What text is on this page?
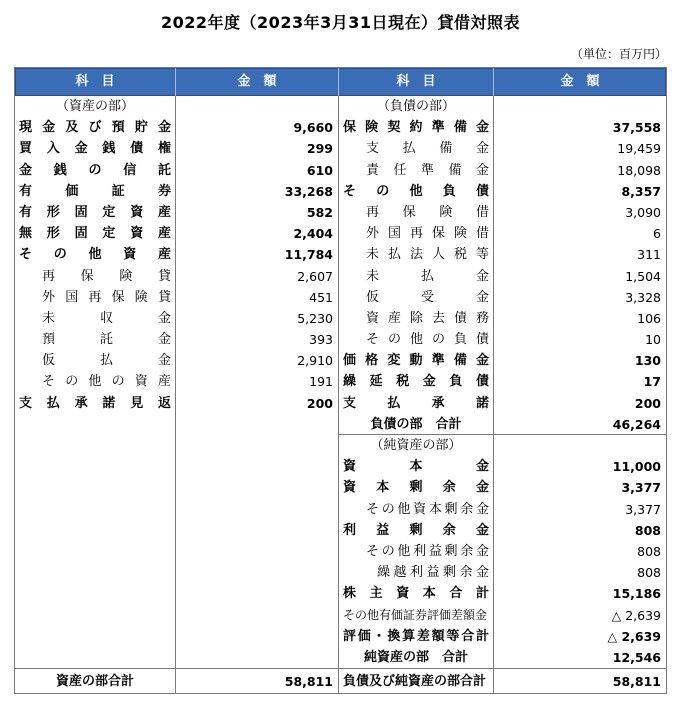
2022年度（2023年3月31日現在）貸借対照表
（単位：百万円）
科　目	金　額	科　目	金　額
（資産の部）
現金及び預貯金	9,660
買入金銭債権	299
金銭の信託	610
有価証券	33,268
有形固定資産	582
無形固定資産	2,404
その他資産	11,784
再保険貸	2,607
外国再保険貸	451
未収金	5,230
預託金	393
仮払金	2,910
その他の資産	191
支払承諾見返	200
資産の部合計	58,811
（負債の部）
保険契約準備金	37,558
支払備金	19,459
責任準備金	18,098
その他負債	8,357
再保険借	3,090
外国再保険借	6
未払法人税等	311
未払金	1,504
仮受金	3,328
資産除去債務	106
その他の負債	10
価格変動準備金	130
繰延税金負債	17
支払承諾	200
負債の部　合計	46,264
（純資産の部）
資本金	11,000
資本剰余金	3,377
その他資本剰余金	3,377
利益剰余金	808
その他利益剰余金	808
繰越利益剰余金	808
株主資本合計	15,186
その他有価証券評価差額金	△ 2,639
評価・換算差額等合計	△ 2,639
純資産の部　合計	12,546
負債及び純資産の部合計	58,811
